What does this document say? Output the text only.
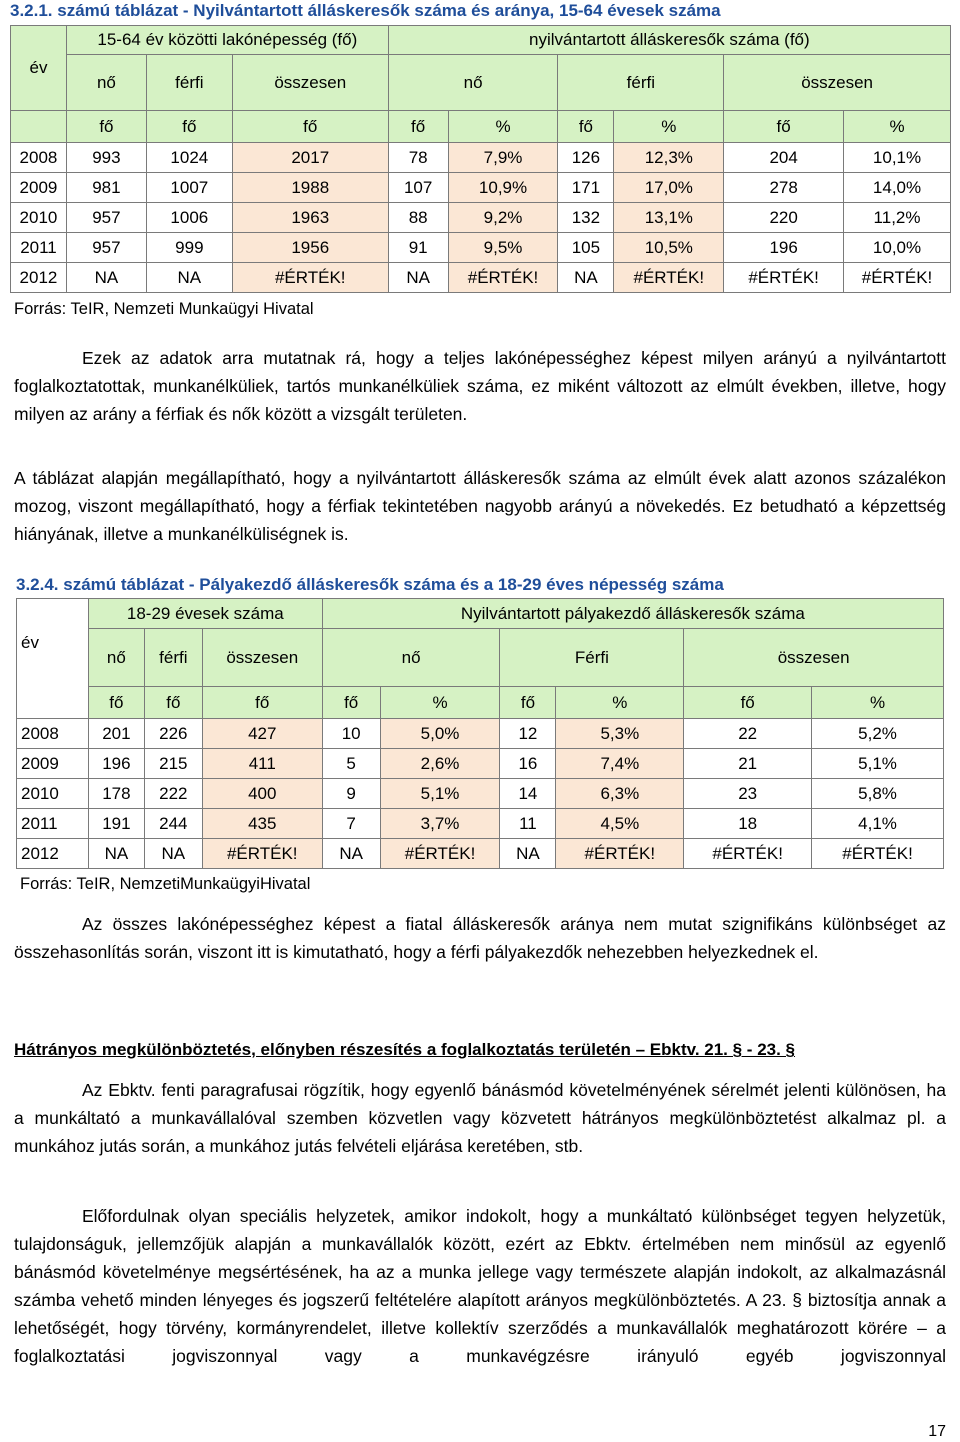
3.2.1. számú táblázat - Nyilvántartott álláskeresők száma és aránya, 15-64 évesek száma
év	15-64 év közötti lakónépesség (fő)			nyilvántartott álláskeresők száma (fő)					
	nő	férfi	összesen	nő		férfi		összesen	
	fő	fő	fő	fő	%	fő	%	fő	%
2008	993	1024	2017	78	7,9%	126	12,3%	204	10,1%
2009	981	1007	1988	107	10,9%	171	17,0%	278	14,0%
2010	957	1006	1963	88	9,2%	132	13,1%	220	11,2%
2011	957	999	1956	91	9,5%	105	10,5%	196	10,0%
2012	NA	NA	#ÉRTÉK!	NA	#ÉRTÉK!	NA	#ÉRTÉK!	#ÉRTÉK!	#ÉRTÉK!
Forrás: TeIR, Nemzeti Munkaügyi Hivatal
Ezek az adatok arra mutatnak rá, hogy a teljes lakónépességhez képest milyen arányú a nyilvántartott foglalkoztatottak, munkanélküliek, tartós munkanélküliek száma, ez miként változott az elmúlt években, illetve, hogy milyen az arány a férfiak és nők között a vizsgált területen.
A táblázat alapján megállapítható, hogy a nyilvántartott álláskeresők száma az elmúlt évek alatt azonos százalékon mozog, viszont megállapítható, hogy a férfiak tekintetében nagyobb arányú a növekedés. Ez betudható a képzettség hiányának, illetve a munkanélküliségnek is.
3.2.4. számú táblázat - Pályakezdő álláskeresők száma és a 18-29 éves népesség száma
év	18-29 évesek száma			Nyilvántartott pályakezdő álláskeresők száma					
	nő	férfi	összesen	nő		Férfi		összesen	
	fő	fő	fő	fő	%	fő	%	fő	%
2008	201	226	427	10	5,0%	12	5,3%	22	5,2%
2009	196	215	411	5	2,6%	16	7,4%	21	5,1%
2010	178	222	400	9	5,1%	14	6,3%	23	5,8%
2011	191	244	435	7	3,7%	11	4,5%	18	4,1%
2012	NA	NA	#ÉRTÉK!	NA	#ÉRTÉK!	NA	#ÉRTÉK!	#ÉRTÉK!	#ÉRTÉK!
Forrás: TeIR, NemzetiMunkaügyiHivatal
Az összes lakónépességhez képest a fiatal álláskeresők aránya nem mutat szignifikáns különbséget az összehasonlítás során, viszont itt is kimutatható, hogy a férfi pályakezdők nehezebben helyezkednek el.
Hátrányos megkülönböztetés, előnyben részesítés a foglalkoztatás területén – Ebktv. 21. § - 23. §
Az Ebktv. fenti paragrafusai rögzítik, hogy egyenlő bánásmód követelményének sérelmét jelenti különösen, ha a munkáltató a munkavállalóval szemben közvetlen vagy közvetett hátrányos megkülönböztetést alkalmaz pl. a munkához jutás során, a munkához jutás felvételi eljárása keretében, stb.
Előfordulnak olyan speciális helyzetek, amikor indokolt, hogy a munkáltató különbséget tegyen helyzetük, tulajdonságuk, jellemzőjük alapján a munkavállalók között, ezért az Ebktv. értelmében nem minősül az egyenlő bánásmód követelménye megsértésének, ha az a munka jellege vagy természete alapján indokolt, az alkalmazásnál számba vehető minden lényeges és jogszerű feltételére alapított arányos megkülönböztetés. A 23. § biztosítja annak a lehetőségét, hogy törvény, kormányrendelet, illetve kollektív szerződés a munkavállalók meghatározott körére – a foglalkoztatási jogviszonnyal vagy a munkavégzésre irányuló egyéb jogviszonnyal
17
